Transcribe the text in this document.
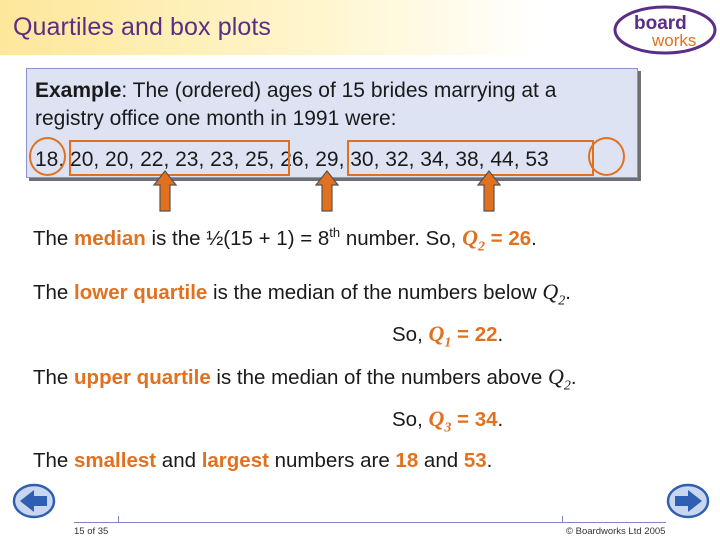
Quartiles and box plots	board
works
Example: The (ordered) ages of 15 brides marrying at a
registry office one month in 1991 were:
18, 20, 20, 22, 23, 23, 25, 26, 29, 30, 32, 34, 38, 44, 53
The median is the ½(15 + 1) = 8th number. So, $Q_2 = 26$.
The lower quartile is the median of the numbers below $Q_2$.
So, $Q_1 = 22$.
The upper quartile is the median of the numbers above $Q_2$.
So, $Q_3 = 34$.
The smallest and largest numbers are 18 and 53.
15 of 35	© Boardworks Ltd 2005
